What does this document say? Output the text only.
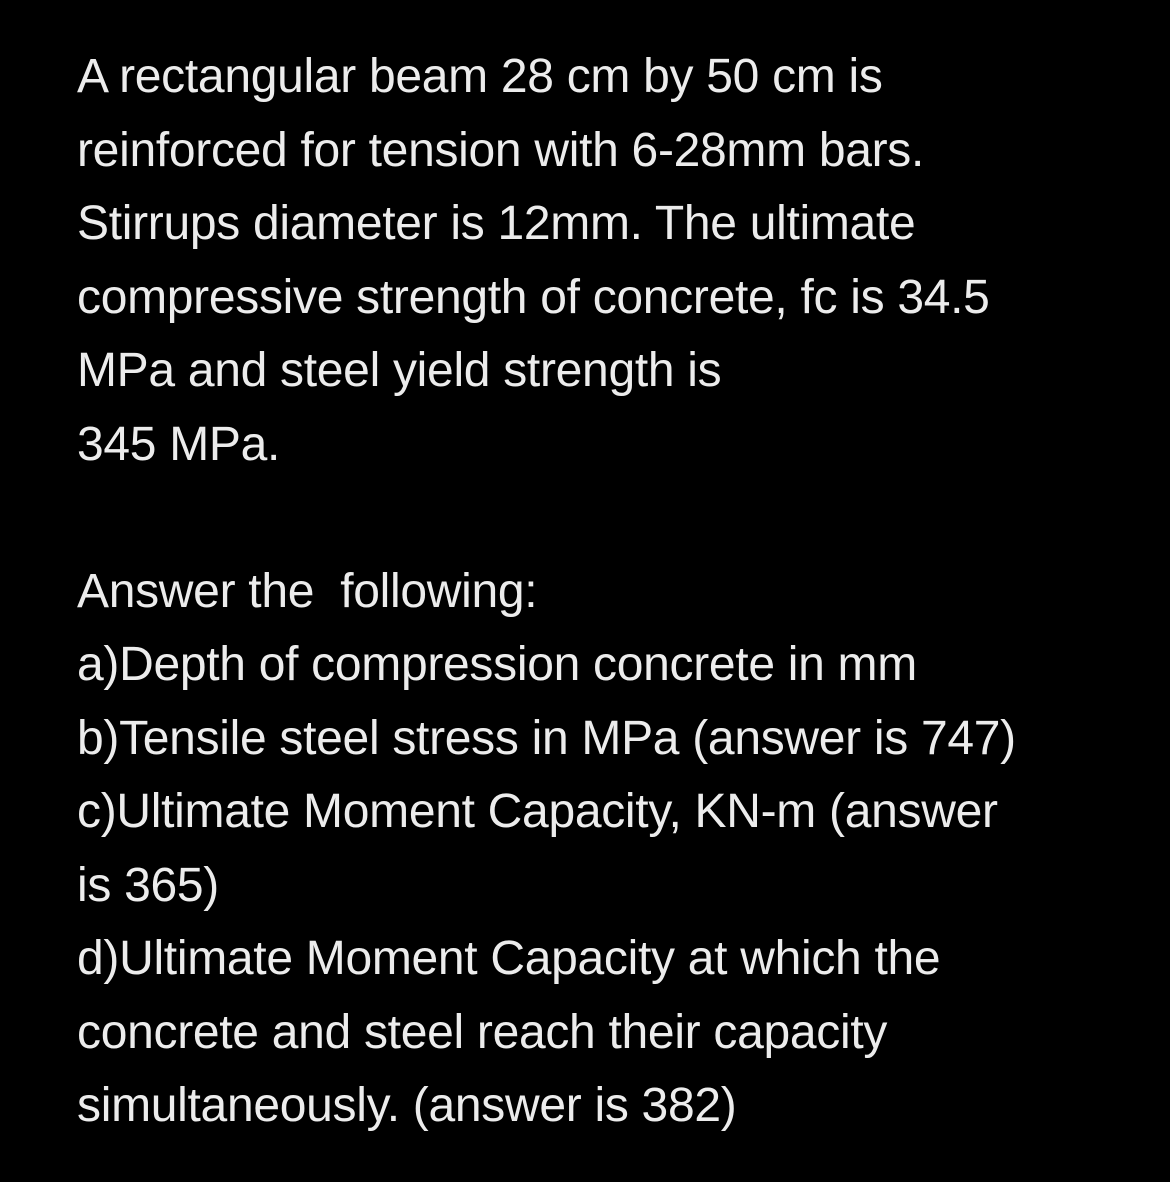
A rectangular beam 28 cm by 50 cm is
reinforced for tension with 6-28mm bars.
Stirrups diameter is 12mm. The ultimate
compressive strength of concrete, fc is 34.5
MPa and steel yield strength is
345 MPa.
Answer the  following:
a)Depth of compression concrete in mm
b)Tensile steel stress in MPa (answer is 747)
c)Ultimate Moment Capacity, KN-m (answer
is 365)
d)Ultimate Moment Capacity at which the
concrete and steel reach their capacity
simultaneously. (answer is 382)
